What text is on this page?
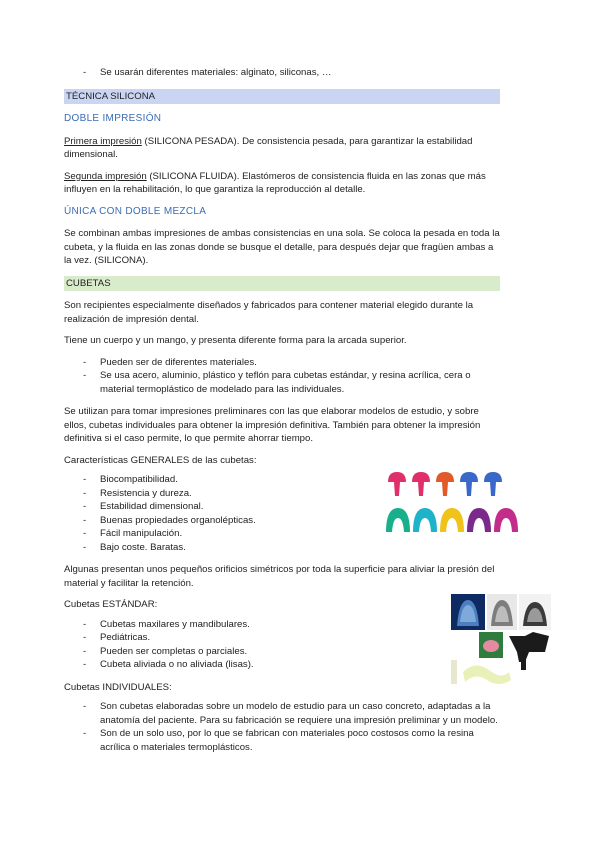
- Se usarán diferentes materiales: alginato, siliconas, …
TÉCNICA SILICONA
DOBLE IMPRESIÓN

Primera impresión (SILICONA PESADA). De consistencia pesada, para garantizar la estabilidad dimensional.

Segunda impresión (SILICONA FLUIDA). Elastómeros de consistencia fluida en las zonas que más influyen en la rehabilitación, lo que garantiza la reproducción al detalle.

ÚNICA CON DOBLE MEZCLA

Se combinan ambas impresiones de ambas consistencias en una sola. Se coloca la pesada en toda la cubeta, y la fluida en las zonas donde se busque el detalle, para después dejar que fragüen ambas a la vez. (SILICONA).

CUBETAS

Son recipientes especialmente diseñados y fabricados para contener material elegido durante la realización de impresión dental.

Tiene un cuerpo y un mango, y presenta diferente forma para la arcada superior.

- Pueden ser de diferentes materiales.
- Se usa acero, aluminio, plástico y teflón para cubetas estándar, y resina acrílica, cera o material termoplástico de modelado para las individuales.

Se utilizan para tomar impresiones preliminares con las que elaborar modelos de estudio, y sobre ellos, cubetas individuales para obtener la impresión definitiva. También para obtener la impresión definitiva si el caso permite, lo que permite ahorrar tiempo.

Características GENERALES de las cubetas:

- Biocompatibilidad.
- Resistencia y dureza.
- Estabilidad dimensional.
- Buenas propiedades organolépticas.
- Fácil manipulación.
- Bajo coste. Baratas.

Algunas presentan unos pequeños orificios simétricos por toda la superficie para aliviar la presión del material y facilitar la retención.

Cubetas ESTÁNDAR:

- Cubetas maxilares y mandibulares.
- Pediátricas.
- Pueden ser completas o parciales.
- Cubeta aliviada o no aliviada (lisas).

Cubetas INDIVIDUALES:

- Son cubetas elaboradas sobre un modelo de estudio para un caso concreto, adaptadas a la anatomía del paciente. Para su fabricación se requiere una impresión preliminar y un modelo.
- Son de un solo uso, por lo que se fabrican con materiales poco costosos como la resina acrílica o materiales termoplásticos.
